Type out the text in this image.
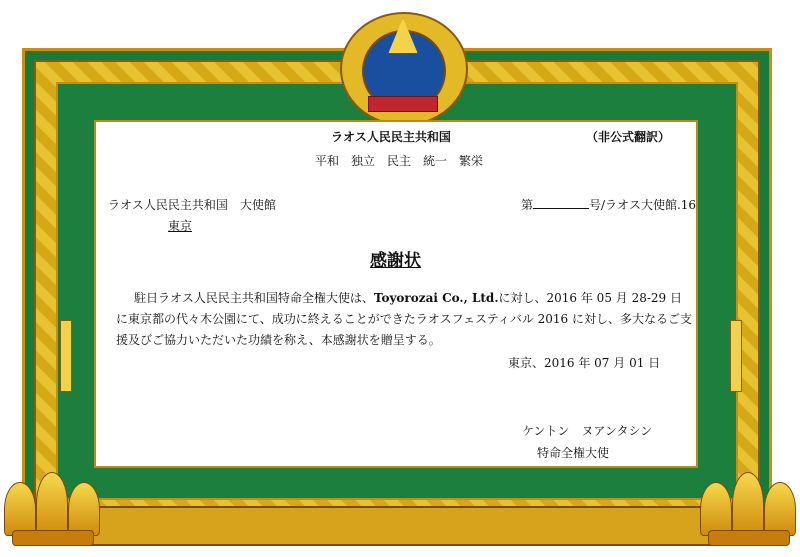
ラオス人民民主共和国	（非公式翻訳）
平和　独立　民主　統一　繁栄
ラオス人民民主共和国　大使館
東京
第	号/ラオス大使館.16
感謝状
駐日ラオス人民民主共和国特命全権大使は、Toyorozai Co., Ltd.に対し、2016 年 05 月 28-29 日に東京都の代々木公園にて、成功に終えることができたラオスフェスティバル 2016 に対し、多大なるご支援及びご協力いただいた功績を称え、本感謝状を贈呈する。
東京、2016 年 07 月 01 日
ケントン　ヌアンタシン
特命全権大使
